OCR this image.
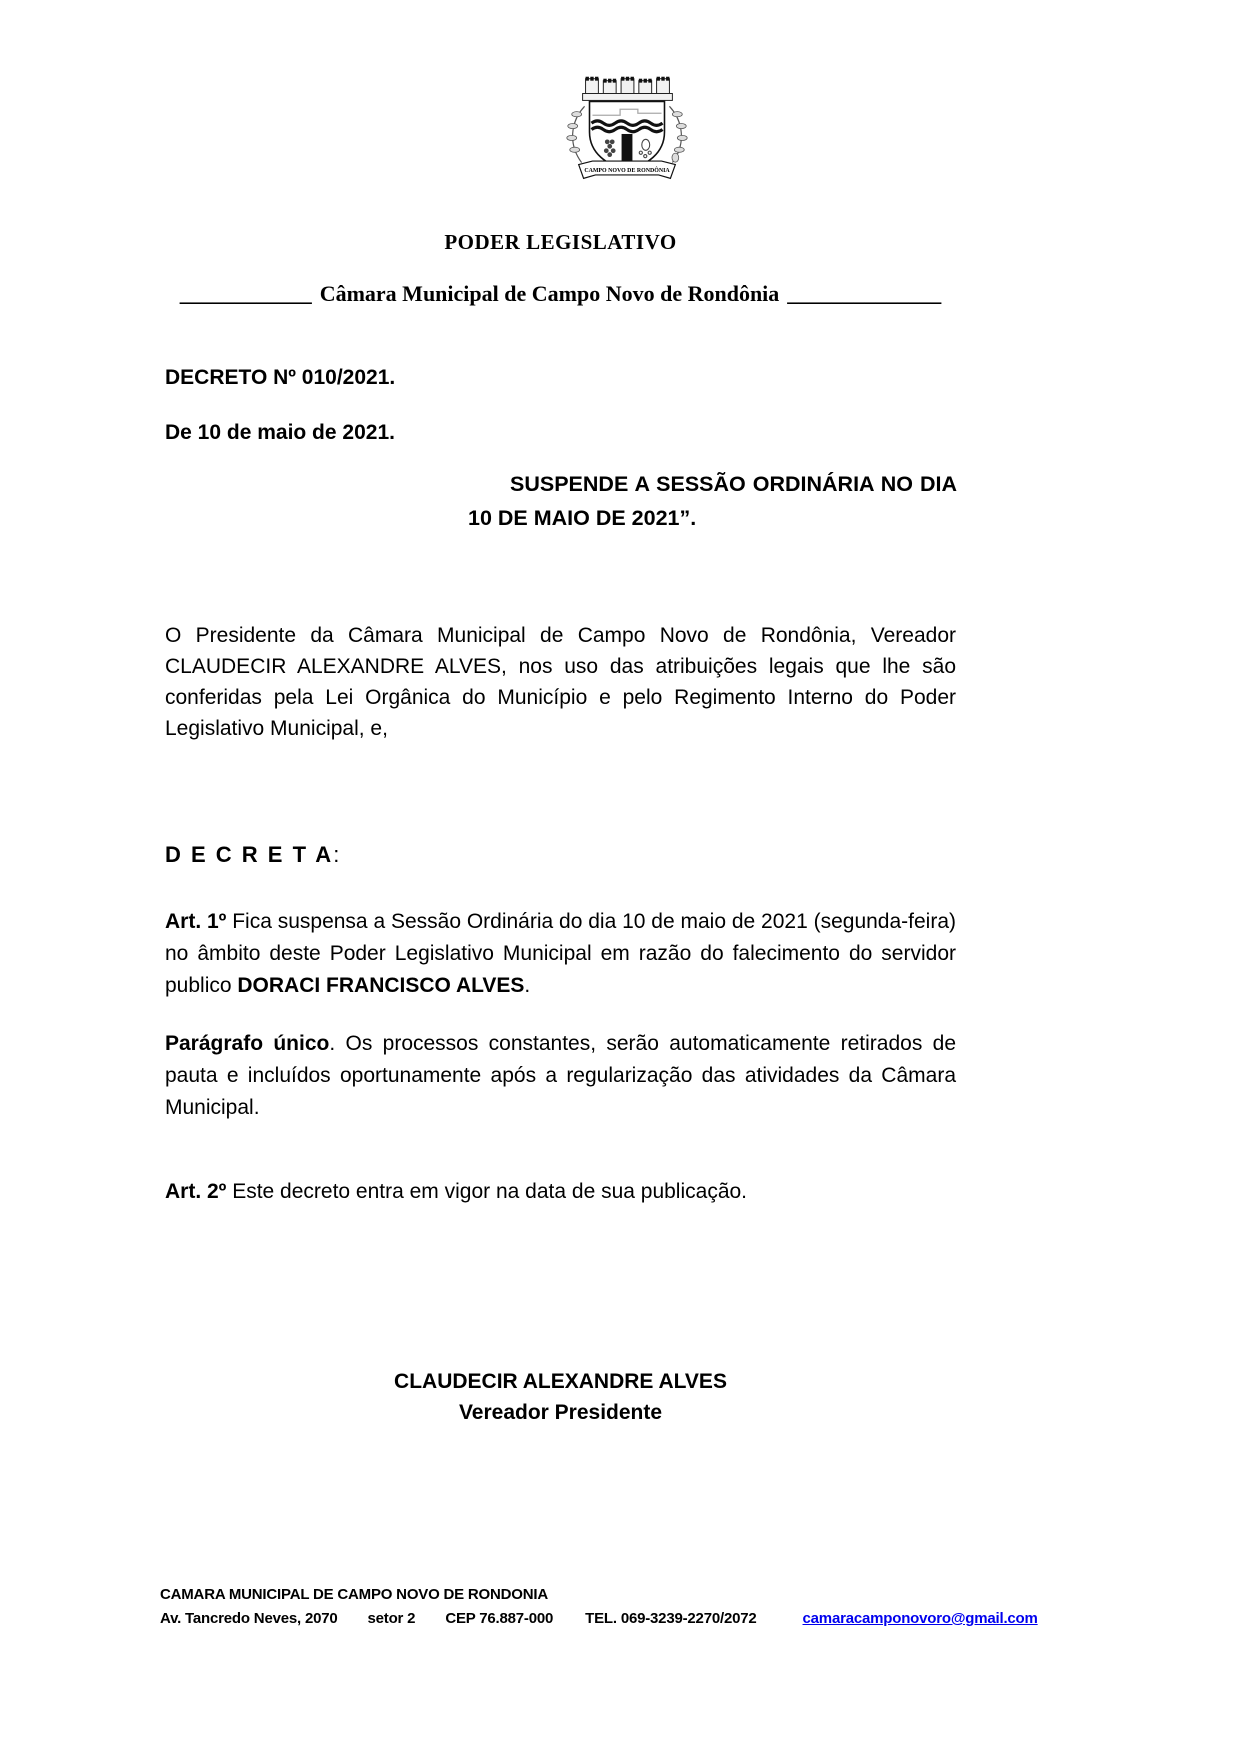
CAMPO NOVO DE RONDÔNIA
PODER LEGISLATIVO
____________ Câmara Municipal de Campo Novo de Rondônia ______________
DECRETO Nº 010/2021.
De 10 de maio de 2021.
SUSPENDE A SESSÃO ORDINÁRIA NO DIA 10 DE MAIO DE 2021”.

O Presidente da Câmara Municipal de Campo Novo de Rondônia, Vereador CLAUDECIR ALEXANDRE ALVES, nos uso das atribuições legais que lhe são conferidas pela Lei Orgânica do Município e pelo Regimento Interno do Poder Legislativo Municipal, e,

D E C R E T A:

Art. 1º Fica suspensa a Sessão Ordinária do dia 10 de maio de 2021 (segunda-feira) no âmbito deste Poder Legislativo Municipal em razão do falecimento do servidor publico DORACI FRANCISCO ALVES.

Parágrafo único. Os processos constantes, serão automaticamente retirados de pauta e incluídos oportunamente após a regularização das atividades da Câmara Municipal.

Art. 2º Este decreto entra em vigor na data de sua publicação.

CLAUDECIR ALEXANDRE ALVES
Vereador Presidente
CAMARA MUNICIPAL DE CAMPO NOVO DE RONDONIA
Av. Tancredo Neves, 2070 setor 2 CEP 76.887-000 TEL. 069-3239-2270/2072	camaracamponovoro@gmail.com
